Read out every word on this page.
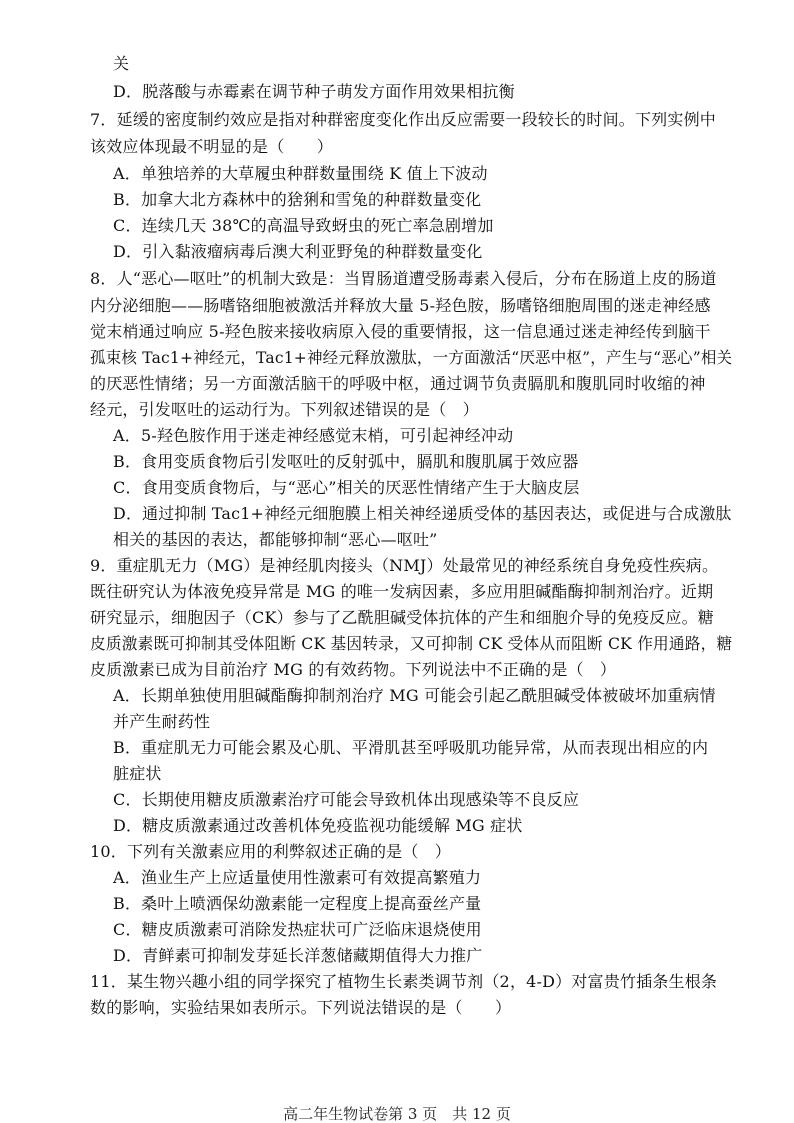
关
D．脱落酸与赤霉素在调节种子萌发方面作用效果相抗衡
7．延缓的密度制约效应是指对种群密度变化作出反应需要一段较长的时间。下列实例中
该效应体现最不明显的是（　　）
A．单独培养的大草履虫种群数量围绕 K 值上下波动
B．加拿大北方森林中的猞猁和雪兔的种群数量变化
C．连续几天 38℃的高温导致蚜虫的死亡率急剧增加
D．引入黏液瘤病毒后澳大利亚野兔的种群数量变化
8．人“恶心—呕吐”的机制大致是：当胃肠道遭受肠毒素入侵后，分布在肠道上皮的肠道
内分泌细胞——肠嗜铬细胞被激活并释放大量 5-羟色胺，肠嗜铬细胞周围的迷走神经感
觉末梢通过响应 5-羟色胺来接收病原入侵的重要情报，这一信息通过迷走神经传到脑干
孤束核 Tac1+神经元，Tac1+神经元释放激肽，一方面激活“厌恶中枢”，产生与“恶心”相关
的厌恶性情绪；另一方面激活脑干的呼吸中枢，通过调节负责膈肌和腹肌同时收缩的神
经元，引发呕吐的运动行为。下列叙述错误的是（　）
A．5-羟色胺作用于迷走神经感觉末梢，可引起神经冲动
B．食用变质食物后引发呕吐的反射弧中，膈肌和腹肌属于效应器
C．食用变质食物后，与“恶心”相关的厌恶性情绪产生于大脑皮层
D．通过抑制 Tac1+神经元细胞膜上相关神经递质受体的基因表达，或促进与合成激肽
相关的基因的表达，都能够抑制“恶心—呕吐”
9．重症肌无力（MG）是神经肌肉接头（NMJ）处最常见的神经系统自身免疫性疾病。
既往研究认为体液免疫异常是 MG 的唯一发病因素，多应用胆碱酯酶抑制剂治疗。近期
研究显示，细胞因子（CK）参与了乙酰胆碱受体抗体的产生和细胞介导的免疫反应。糖
皮质激素既可抑制其受体阻断 CK 基因转录，又可抑制 CK 受体从而阻断 CK 作用通路，糖
皮质激素已成为目前治疗 MG 的有效药物。下列说法中不正确的是（　）
A．长期单独使用胆碱酯酶抑制剂治疗 MG 可能会引起乙酰胆碱受体被破坏加重病情
并产生耐药性
B．重症肌无力可能会累及心肌、平滑肌甚至呼吸肌功能异常，从而表现出相应的内
脏症状
C．长期使用糖皮质激素治疗可能会导致机体出现感染等不良反应
D．糖皮质激素通过改善机体免疫监视功能缓解 MG 症状
10．下列有关激素应用的利弊叙述正确的是（　）
A．渔业生产上应适量使用性激素可有效提高繁殖力
B．桑叶上喷洒保幼激素能一定程度上提高蚕丝产量
C．糖皮质激素可消除发热症状可广泛临床退烧使用
D．青鲜素可抑制发芽延长洋葱储藏期值得大力推广
11．某生物兴趣小组的同学探究了植物生长素类调节剂（2，4-D）对富贵竹插条生根条
数的影响，实验结果如表所示。下列说法错误的是（　　）
高二年生物试卷第 3 页　共 12 页
